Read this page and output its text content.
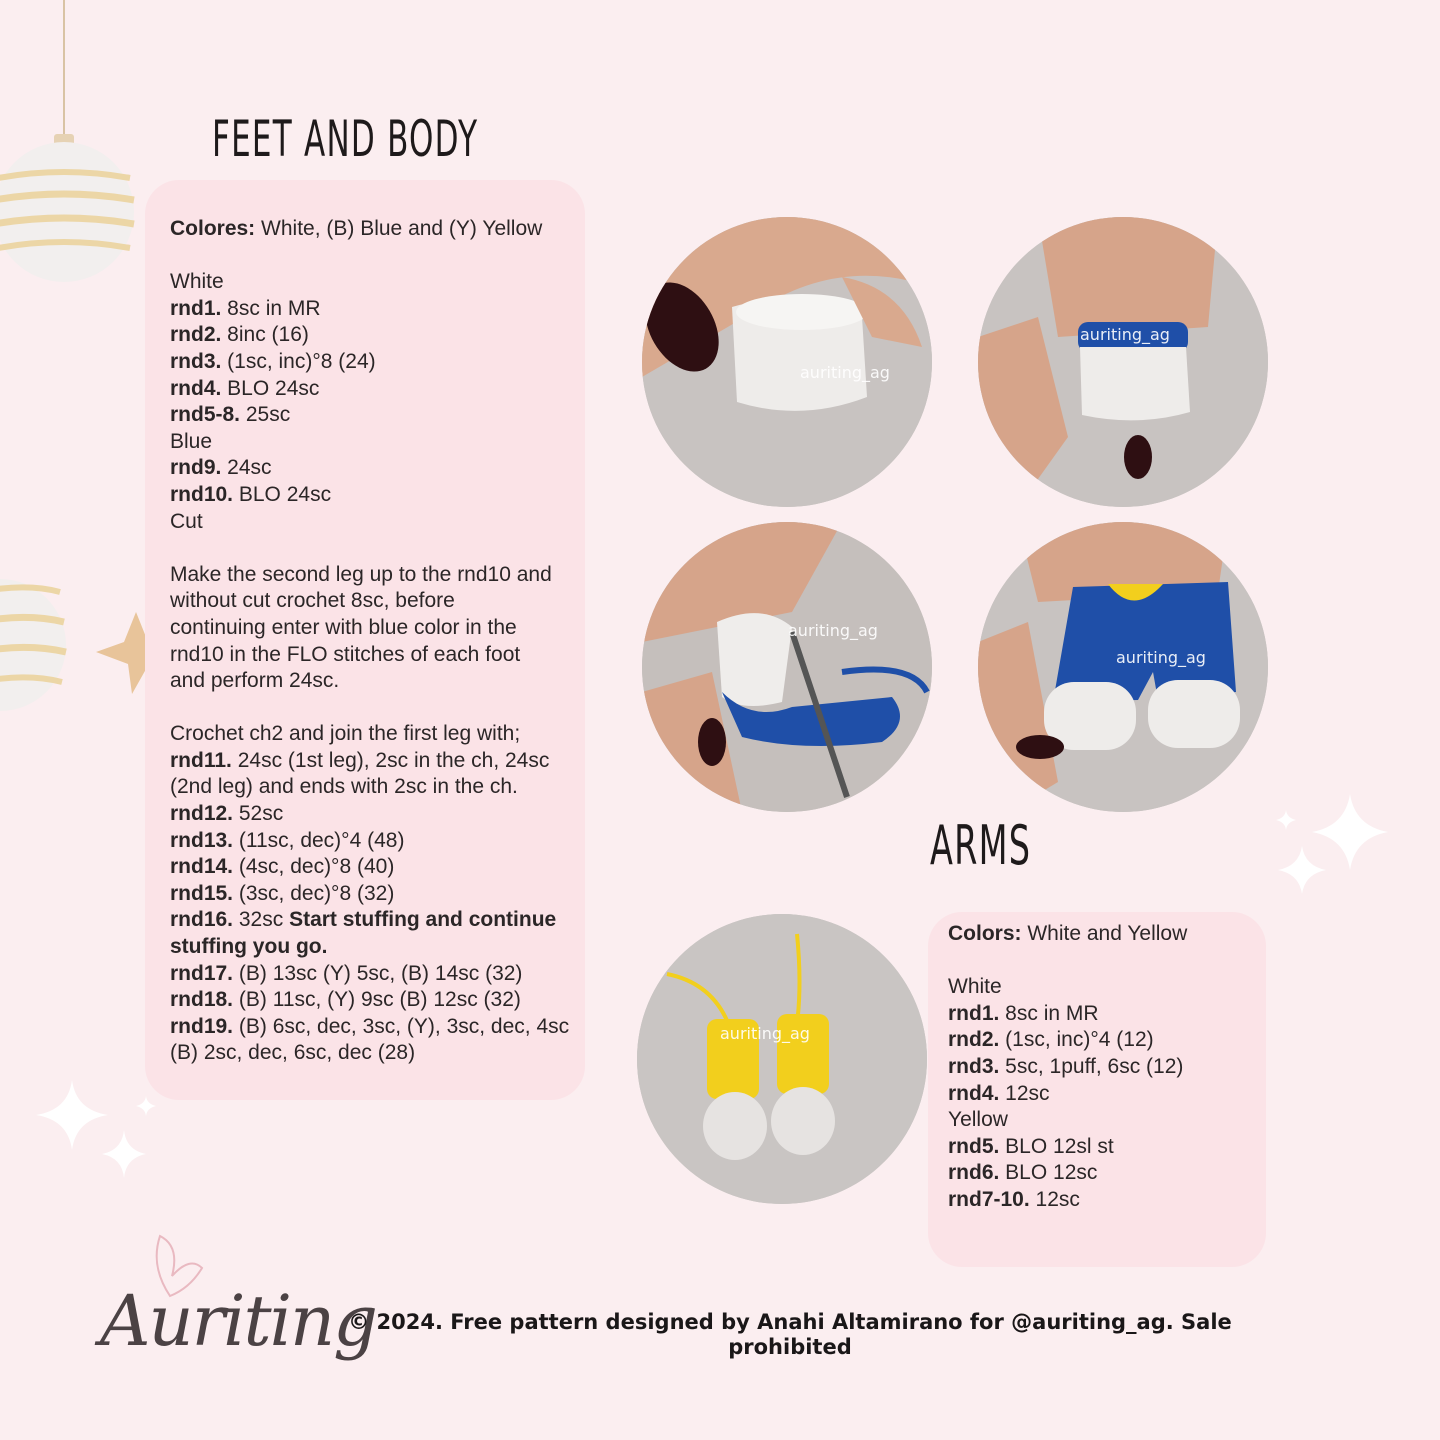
FEET AND BODY
ARMS
Colores: White, (B) Blue and (Y) Yellow
White
rnd1. 8sc in MR
rnd2. 8inc (16)
rnd3. (1sc, inc)°8 (24)
rnd4. BLO 24sc
rnd5-8. 25sc
Blue
rnd9. 24sc
rnd10. BLO 24sc
Cut
Make the second leg up to the rnd10 and
without cut crochet 8sc, before
continuing enter with blue color in the
rnd10 in the FLO stitches of each foot
and perform 24sc.
Crochet ch2 and join the first leg with;
rnd11. 24sc (1st leg), 2sc in the ch, 24sc
(2nd leg) and ends with 2sc in the ch.
rnd12. 52sc
rnd13. (11sc, dec)°4 (48)
rnd14. (4sc, dec)°8 (40)
rnd15. (3sc, dec)°8 (32)
rnd16. 32sc Start stuffing and continue
stuffing you go.
rnd17. (B) 13sc (Y) 5sc, (B) 14sc (32)
rnd18. (B) 11sc, (Y) 9sc (B) 12sc (32)
rnd19. (B) 6sc, dec, 3sc, (Y), 3sc, dec, 4sc
(B) 2sc, dec, 6sc, dec (28)
Colors: White and Yellow
White
rnd1. 8sc in MR
rnd2. (1sc, inc)°4 (12)
rnd3. 5sc, 1puff, 6sc (12)
rnd4. 12sc
Yellow
rnd5. BLO 12sl st
rnd6. BLO 12sc
rnd7-10. 12sc
auriting_ag
auriting_ag
auriting_ag
auriting_ag
auriting_ag
Auriting
© 2024. Free pattern designed by Anahi Altamirano for @auriting_ag. Sale
prohibited
